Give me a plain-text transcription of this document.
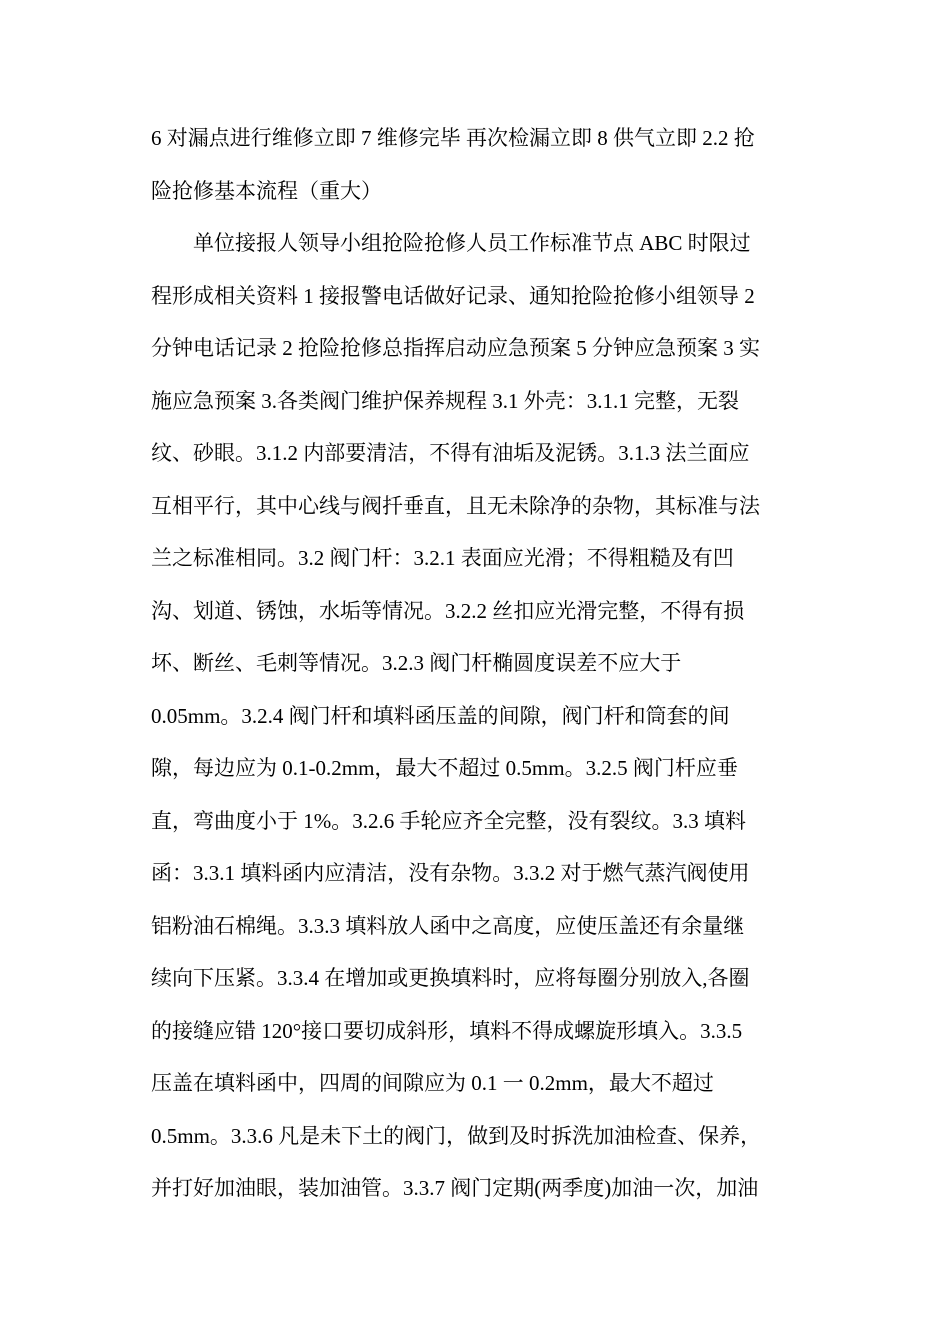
6 对漏点进行维修立即 7 维修完毕 再次检漏立即 8 供气立即 2.2 抢
险抢修基本流程（重大）
单位接报人领导小组抢险抢修人员工作标准节点 ABC 时限过
程形成相关资料 1 接报警电话做好记录、通知抢险抢修小组领导 2
分钟电话记录 2 抢险抢修总指挥启动应急预案 5 分钟应急预案 3 实
施应急预案 3.各类阀门维护保养规程 3.1 外壳：3.1.1 完整，无裂
纹、砂眼。3.1.2 内部要清洁，不得有油垢及泥锈。3.1.3 法兰面应
互相平行，其中心线与阀扦垂直，且无未除净的杂物，其标准与法
兰之标准相同。3.2 阀门杆：3.2.1 表面应光滑；不得粗糙及有凹
沟、划道、锈蚀，水垢等情况。3.2.2 丝扣应光滑完整，不得有损
坏、断丝、毛刺等情况。3.2.3 阀门杆椭圆度误差不应大于
0.05mm。3.2.4 阀门杆和填料函压盖的间隙，阀门杆和筒套的间
隙，每边应为 0.1-0.2mm，最大不超过 0.5mm。3.2.5 阀门杆应垂
直，弯曲度小于 1%。3.2.6 手轮应齐全完整，没有裂纹。3.3 填料
函：3.3.1 填料函内应清洁，没有杂物。3.3.2 对于燃气蒸汽阀使用
铝粉油石棉绳。3.3.3 填料放人函中之高度，应使压盖还有余量继
续向下压紧。3.3.4 在增加或更换填料时，应将每圈分别放入,各圈
的接缝应错 120°接口要切成斜形，填料不得成螺旋形填入。3.3.5
压盖在填料函中，四周的间隙应为 0.1 一 0.2mm，最大不超过
0.5mm。3.3.6 凡是未下土的阀门，做到及时拆洗加油检查、保养，
并打好加油眼，装加油管。3.3.7 阀门定期(两季度)加油一次，加油
